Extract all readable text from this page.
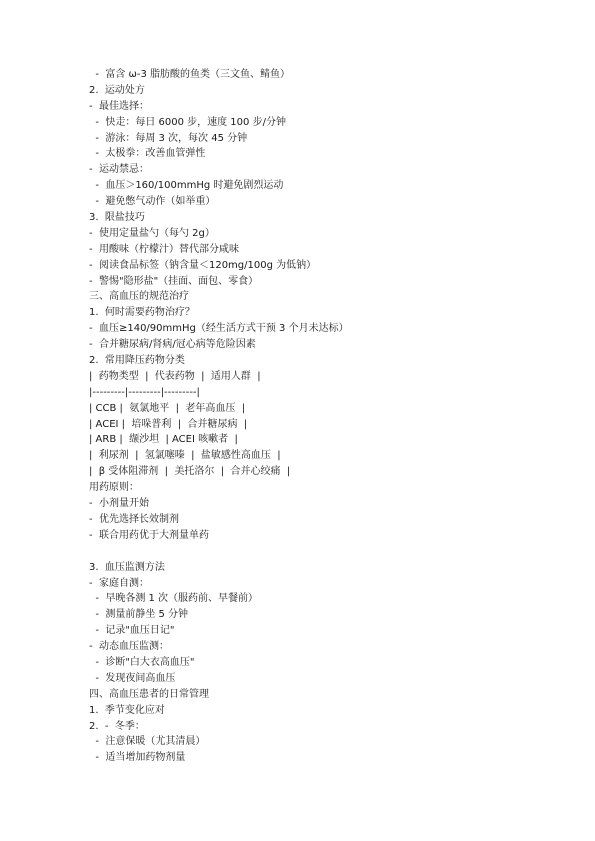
-  富含 ω-3 脂肪酸的鱼类（三文鱼、鲭鱼）
2.  运动处方
-  最佳选择：
-  快走：每日 6000 步，速度 100 步/分钟
-  游泳：每周 3 次，每次 45 分钟
-  太极拳：改善血管弹性
-  运动禁忌：
-  血压＞160/100mmHg 时避免剧烈运动
-  避免憋气动作（如举重）
3.  限盐技巧
-  使用定量盐勺（每勺 2g）
-  用酸味（柠檬汁）替代部分咸味
-  阅读食品标签（钠含量＜120mg/100g 为低钠）
-  警惕"隐形盐"（挂面、面包、零食）
三、高血压的规范治疗
1.  何时需要药物治疗？
-  血压≥140/90mmHg（经生活方式干预 3 个月未达标）
-  合并糖尿病/肾病/冠心病等危险因素
2.  常用降压药物分类
|  药物类型  |  代表药物  |  适用人群  |
|---------|---------|---------|
| CCB |  氨氯地平  |  老年高血压  |
| ACEI |  培哚普利  |  合并糖尿病  |
| ARB |  缬沙坦  | ACEI 咳嗽者  |
|  利尿剂  |  氢氯噻嗪  |  盐敏感性高血压  |
|  β 受体阻滞剂  |  美托洛尔  |  合并心绞痛  |
用药原则：
-  小剂量开始
-  优先选择长效制剂
-  联合用药优于大剂量单药
3.  血压监测方法
-  家庭自测：
-  早晚各测 1 次（服药前、早餐前）
-  测量前静坐 5 分钟
-  记录"血压日记"
-  动态血压监测：
-  诊断"白大衣高血压"
-  发现夜间高血压
四、高血压患者的日常管理
1.  季节变化应对
2.  -  冬季：
-  注意保暖（尤其清晨）
-  适当增加药物剂量
